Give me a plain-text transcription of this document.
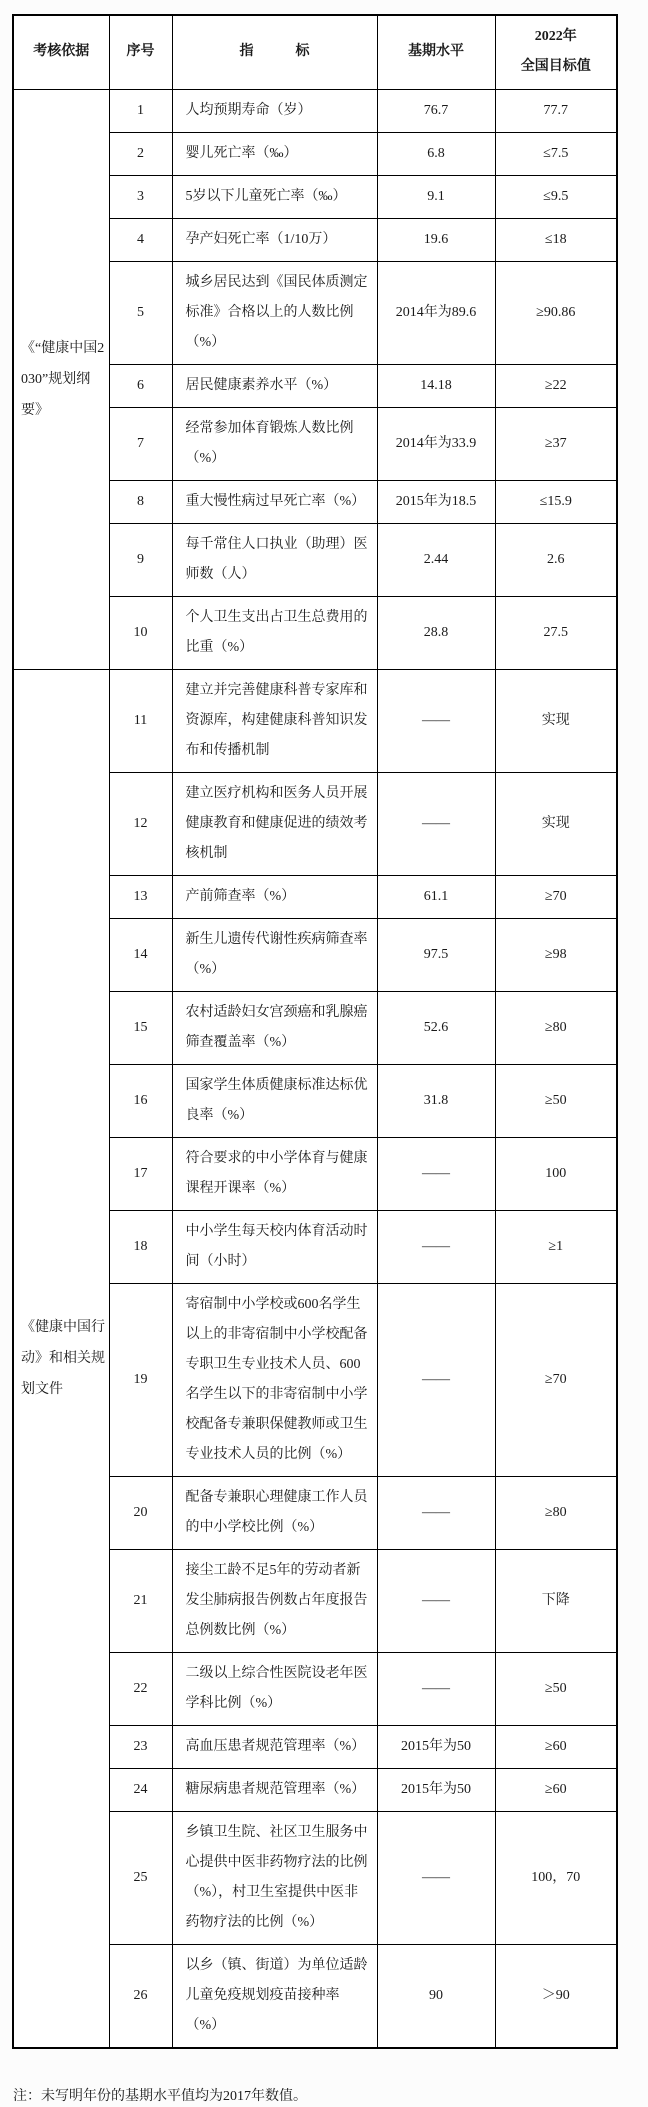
考核依据	序号	指　　　标	基期水平	2022年
全国目标值

《“健康中国2030”规划纲要》	1	人均预期寿命（岁）	76.7	77.7
	2	婴儿死亡率（‰）	6.8	≤7.5
	3	5岁以下儿童死亡率（‰）	9.1	≤9.5
	4	孕产妇死亡率（1/10万）	19.6	≤18
	5	城乡居民达到《国民体质测定标准》合格以上的人数比例（%）	2014年为89.6	≥90.86
	6	居民健康素养水平（%）	14.18	≥22
	7	经常参加体育锻炼人数比例（%）	2014年为33.9	≥37
	8	重大慢性病过早死亡率（%）	2015年为18.5	≤15.9
	9	每千常住人口执业（助理）医师数（人）	2.44	2.6
	10	个人卫生支出占卫生总费用的比重（%）	28.8	27.5
《健康中国行动》和相关规划文件	11	建立并完善健康科普专家库和资源库，构建健康科普知识发布和传播机制	——	实现
	12	建立医疗机构和医务人员开展健康教育和健康促进的绩效考核机制	——	实现
	13	产前筛查率（%）	61.1	≥70
	14	新生儿遗传代谢性疾病筛查率（%）	97.5	≥98
	15	农村适龄妇女宫颈癌和乳腺癌筛查覆盖率（%）	52.6	≥80
	16	国家学生体质健康标准达标优良率（%）	31.8	≥50
	17	符合要求的中小学体育与健康课程开课率（%）	——	100
	18	中小学生每天校内体育活动时间（小时）	——	≥1
	19	寄宿制中小学校或600名学生以上的非寄宿制中小学校配备专职卫生专业技术人员、600名学生以下的非寄宿制中小学校配备专兼职保健教师或卫生专业技术人员的比例（%）	——	≥70
	20	配备专兼职心理健康工作人员的中小学校比例（%）	——	≥80
	21	接尘工龄不足5年的劳动者新发尘肺病报告例数占年度报告总例数比例（%）	——	下降
	22	二级以上综合性医院设老年医学科比例（%）	——	≥50
	23	高血压患者规范管理率（%）	2015年为50	≥60
	24	糖尿病患者规范管理率（%）	2015年为50	≥60
	25	乡镇卫生院、社区卫生服务中心提供中医非药物疗法的比例（%），村卫生室提供中医非药物疗法的比例（%）	——	100，70
	26	以乡（镇、街道）为单位适龄儿童免疫规划疫苗接种率（%）	90	＞90
注：未写明年份的基期水平值均为2017年数值。
